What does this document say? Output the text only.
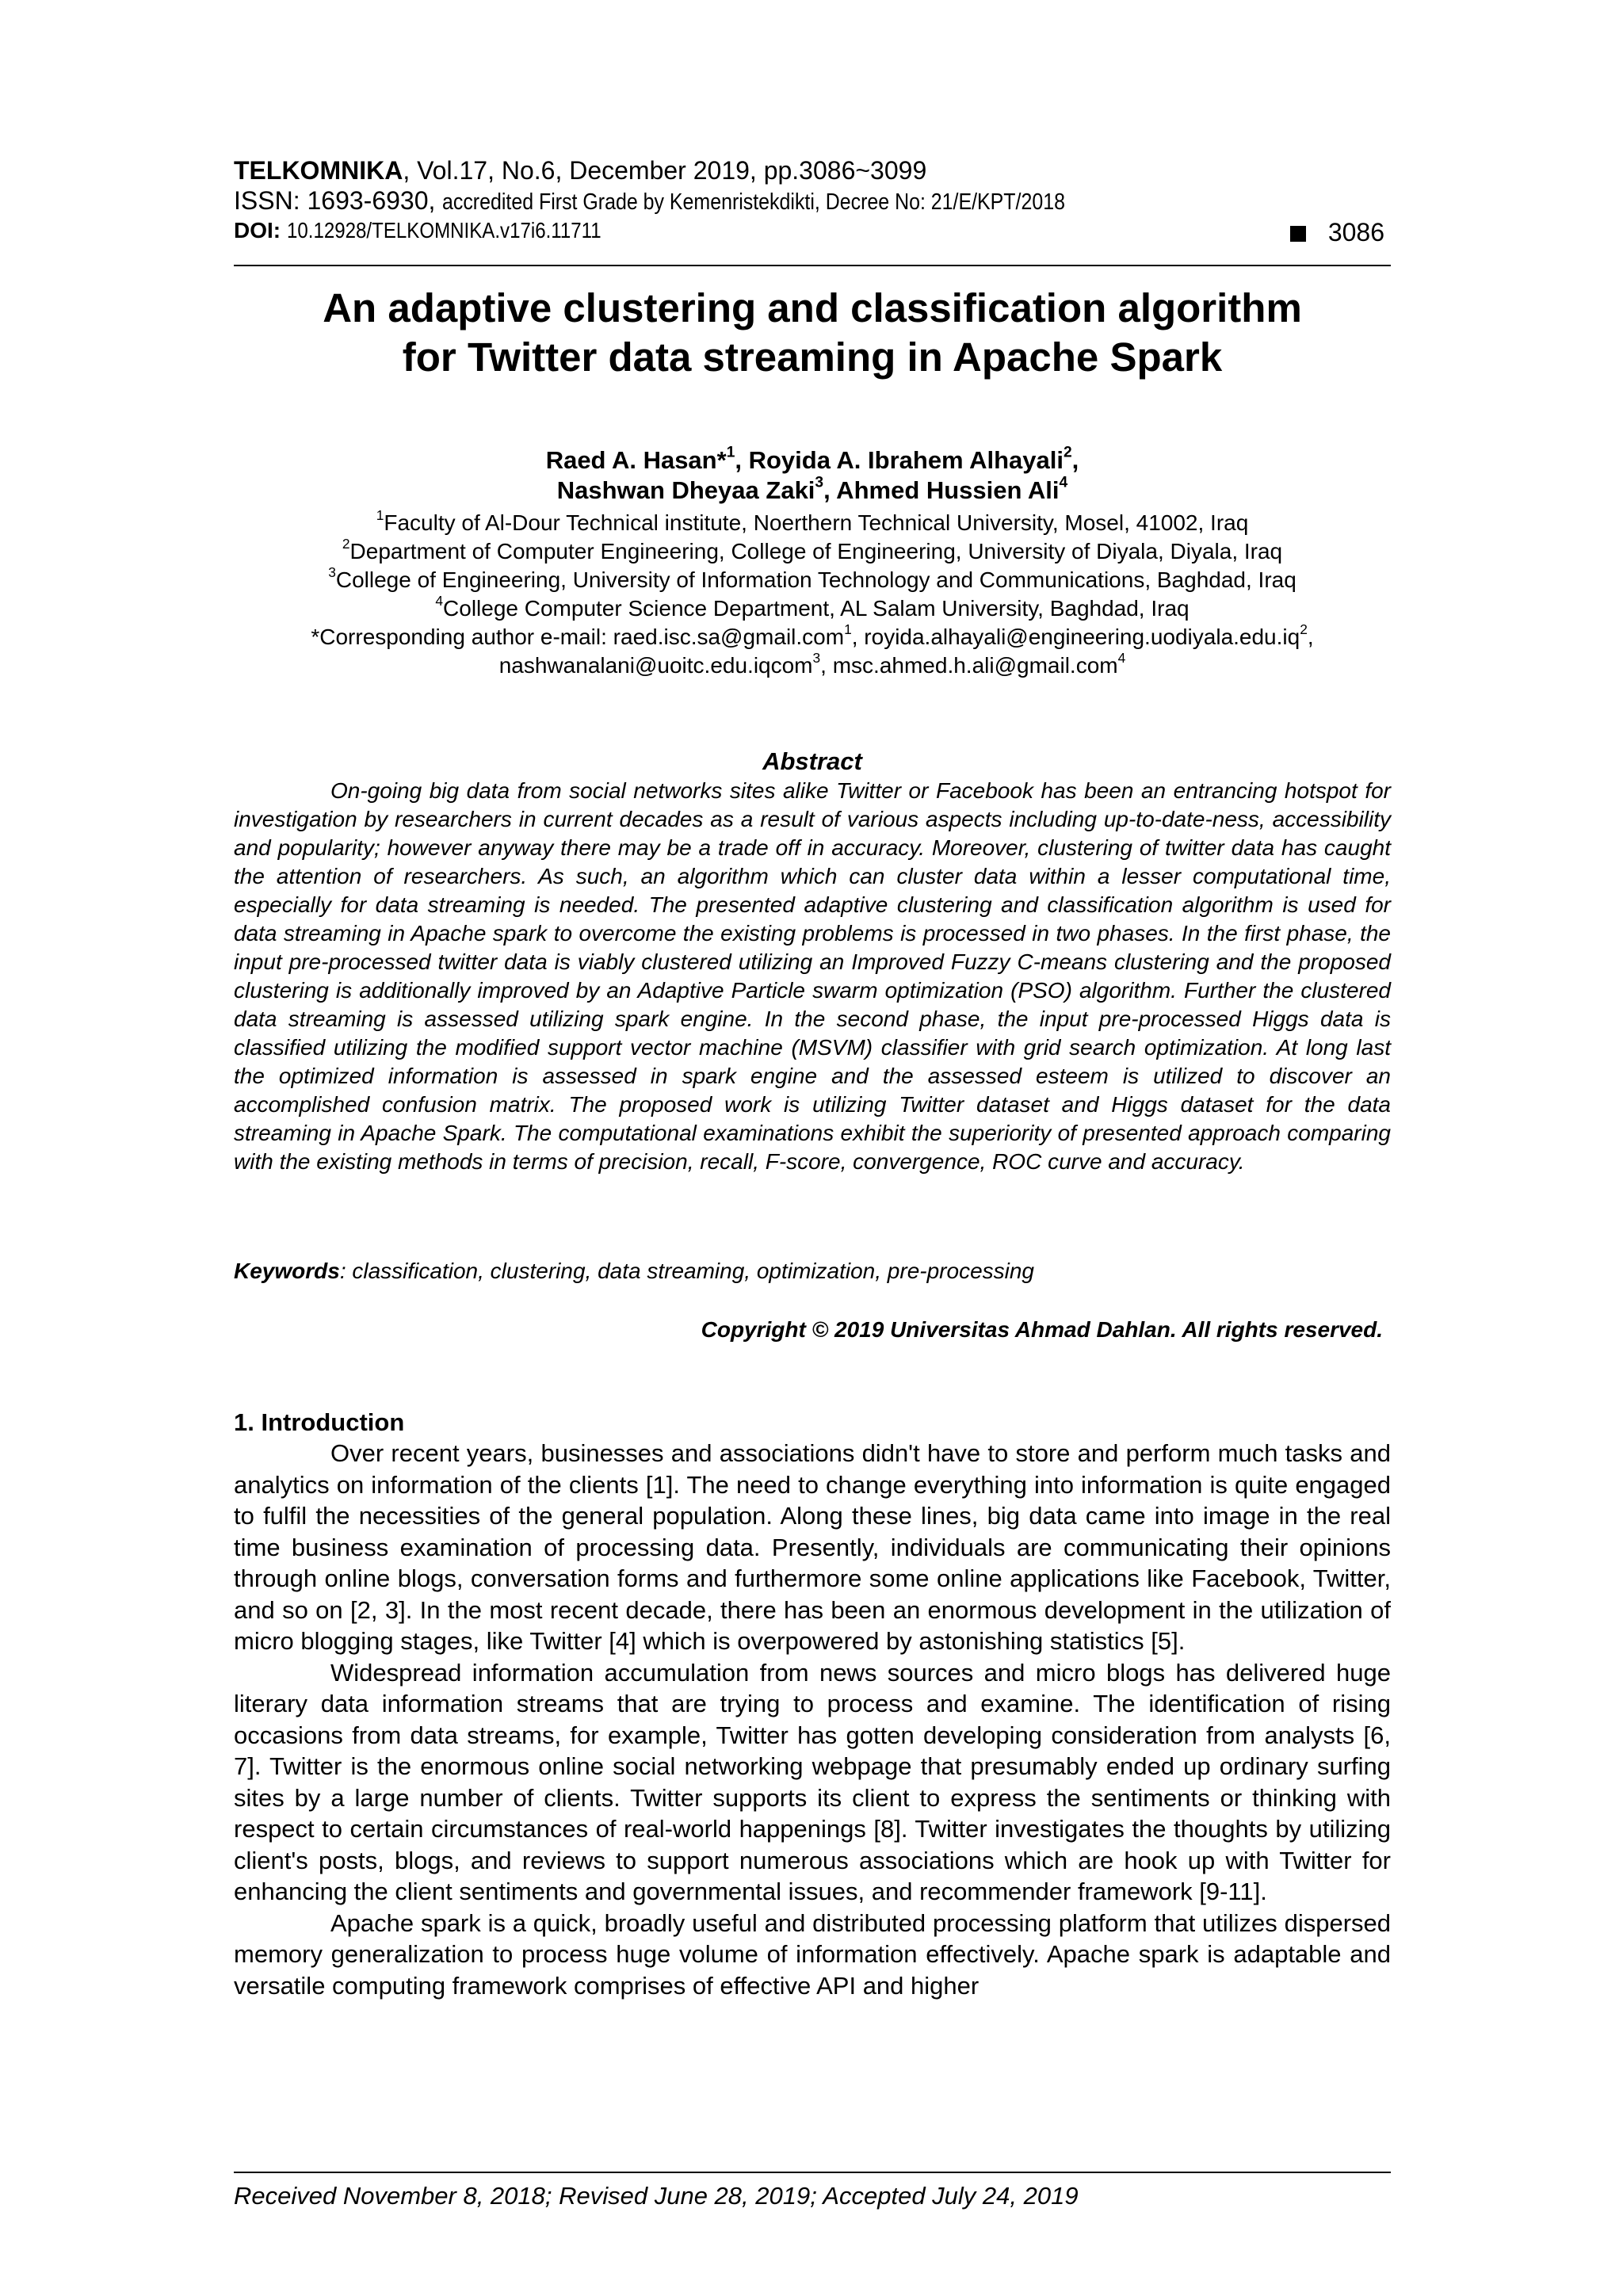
TELKOMNIKA, Vol.17, No.6, December 2019, pp.3086~3099
ISSN: 1693-6930, accredited First Grade by Kemenristekdikti, Decree No: 21/E/KPT/2018
DOI: 10.12928/TELKOMNIKA.v17i6.11711	3086
An adaptive clustering and classification algorithm
for Twitter data streaming in Apache Spark
Raed A. Hasan*$^1$, Royida A. Ibrahem Alhayali$^2$,
Nashwan Dheyaa Zaki$^3$, Ahmed Hussien Ali$^4$
$^1$Faculty of Al-Dour Technical institute, Noerthern Technical University, Mosel, 41002, Iraq
$^2$Department of Computer Engineering, College of Engineering, University of Diyala, Diyala, Iraq
$^3$College of Engineering, University of Information Technology and Communications, Baghdad, Iraq
$^4$College Computer Science Department, AL Salam University, Baghdad, Iraq
*Corresponding author e-mail: raed.isc.sa@gmail.com$^1$, $royida.alhayali@engineering.uodiyala.edu.iq^2$,
nashwanalani@uoitc.edu.iqcom$^3$, msc.ahmed.h.ali@gmail.com$^4$
Abstract
On-going big data from social networks sites alike Twitter or Facebook has been an entrancing hotspot for investigation by researchers in current decades as a result of various aspects including up-to-date-ness, accessibility and popularity; however anyway there may be a trade off in accuracy. Moreover, clustering of twitter data has caught the attention of researchers. As such, an algorithm which can cluster data within a lesser computational time, especially for data streaming is needed. The presented adaptive clustering and classification algorithm is used for data streaming in Apache spark to overcome the existing problems is processed in two phases. In the first phase, the input pre-processed twitter data is viably clustered utilizing an Improved Fuzzy C-means clustering and the proposed clustering is additionally improved by an Adaptive Particle swarm optimization (PSO) algorithm. Further the clustered data streaming is assessed utilizing spark engine. In the second phase, the input pre-processed Higgs data is classified utilizing the modified support vector machine (MSVM) classifier with grid search optimization. At long last the optimized information is assessed in spark engine and the assessed esteem is utilized to discover an accomplished confusion matrix. The proposed work is utilizing Twitter dataset and Higgs dataset for the data streaming in Apache Spark. The computational examinations exhibit the superiority of presented approach comparing with the existing methods in terms of precision, recall, F-score, convergence, ROC curve and accuracy.
Keywords: classification, clustering, data streaming, optimization, pre-processing
Copyright © 2019 Universitas Ahmad Dahlan. All rights reserved.
1. Introduction

Over recent years, businesses and associations didn't have to store and perform much tasks and analytics on information of the clients [1]. The need to change everything into information is quite engaged to fulfil the necessities of the general population. Along these lines, big data came into image in the real time business examination of processing data. Presently, individuals are communicating their opinions through online blogs, conversation forms and furthermore some online applications like Facebook, Twitter, and so on [2, 3]. In the most recent decade, there has been an enormous development in the utilization of micro blogging stages, like Twitter [4] which is overpowered by astonishing statistics [5].

Widespread information accumulation from news sources and micro blogs has delivered huge literary data information streams that are trying to process and examine. The identification of rising occasions from data streams, for example, Twitter has gotten developing consideration from analysts [6, 7]. Twitter is the enormous online social networking webpage that presumably ended up ordinary surfing sites by a large number of clients. Twitter supports its client to express the sentiments or thinking with respect to certain circumstances of real-world happenings [8]. Twitter investigates the thoughts by utilizing client's posts, blogs, and reviews to support numerous associations which are hook up with Twitter for enhancing the client sentiments and governmental issues, and recommender framework [9-11].

Apache spark is a quick, broadly useful and distributed processing platform that utilizes dispersed memory generalization to process huge volume of information effectively. Apache spark is adaptable and versatile computing framework comprises of effective API and higher

Received November 8, 2018; Revised June 28, 2019; Accepted July 24, 2019
